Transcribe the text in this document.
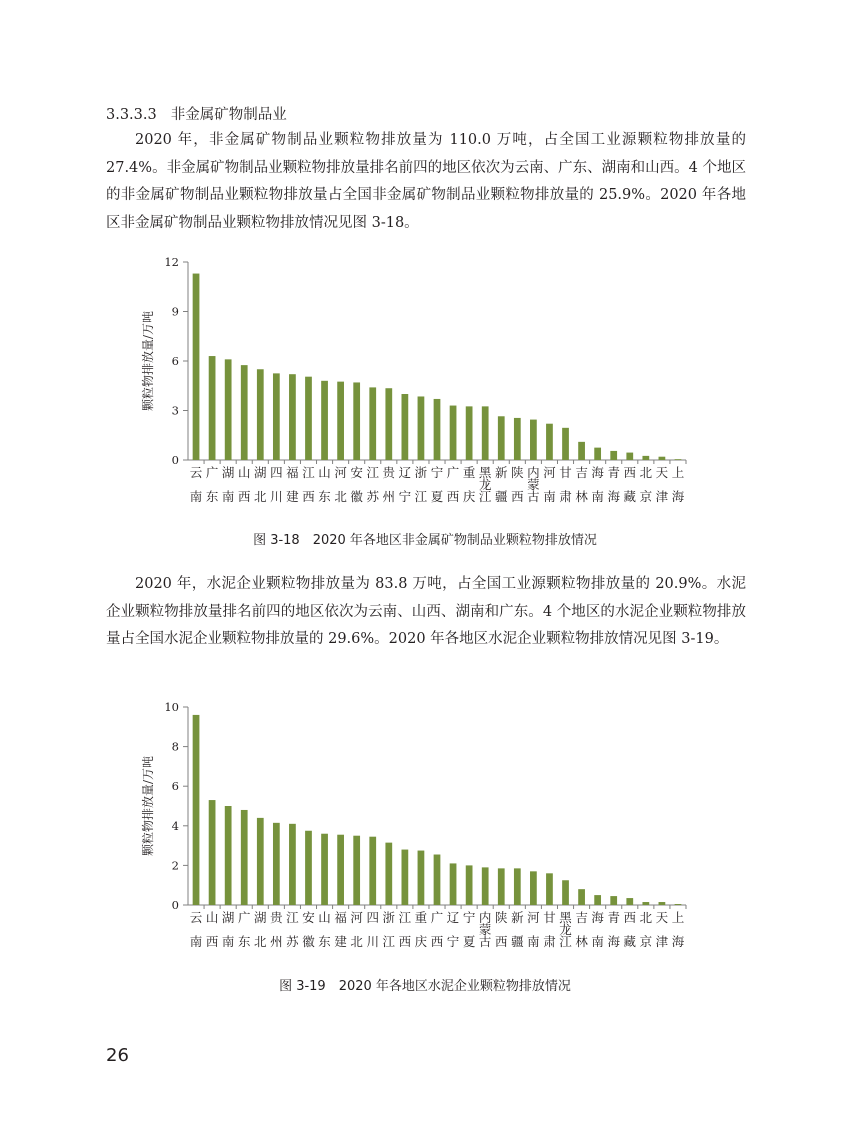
3.3.3.3 非金属矿物制品业

2020 年，非金属矿物制品业颗粒物排放量为 110.0 万吨，占全国工业源颗粒物排放量的 27.4%。非金属矿物制品业颗粒物排放量排名前四的地区依次为云南、广东、湖南和山西。4 个地区的非金属矿物制品业颗粒物排放量占全国非金属矿物制品业颗粒物排放量的 25.9%。2020 年各地区非金属矿物制品业颗粒物排放情况见图 3-18。

颗粒物排放量/万吨
0
3
6
9
12
云南
广东
湖南
山西
湖北
四川
福建
江西
山东
河北
安徽
江苏
贵州
辽宁
浙江
宁夏
广西
重庆
黑龙江
新疆
陕西
内蒙古
河南
甘肃
吉林
海南
青海
西藏
北京
天津
上海
图 3-18　2020 年各地区非金属矿物制品业颗粒物排放情况

2020 年，水泥企业颗粒物排放量为 83.8 万吨，占全国工业源颗粒物排放量的 20.9%。水泥企业颗粒物排放量排名前四的地区依次为云南、山西、湖南和广东。4 个地区的水泥企业颗粒物排放量占全国水泥企业颗粒物排放量的 29.6%。2020 年各地区水泥企业颗粒物排放情况见图 3-19。

颗粒物排放量/万吨
0
2
4
6
8
10
云南
山西
湖南
广东
湖北
贵州
江苏
安徽
山东
福建
河北
四川
浙江
江西
重庆
广西
辽宁
宁夏
内蒙古
陕西
新疆
河南
甘肃
黑龙江
吉林
海南
青海
西藏
北京
天津
上海
图 3-19　2020 年各地区水泥企业颗粒物排放情况
26
